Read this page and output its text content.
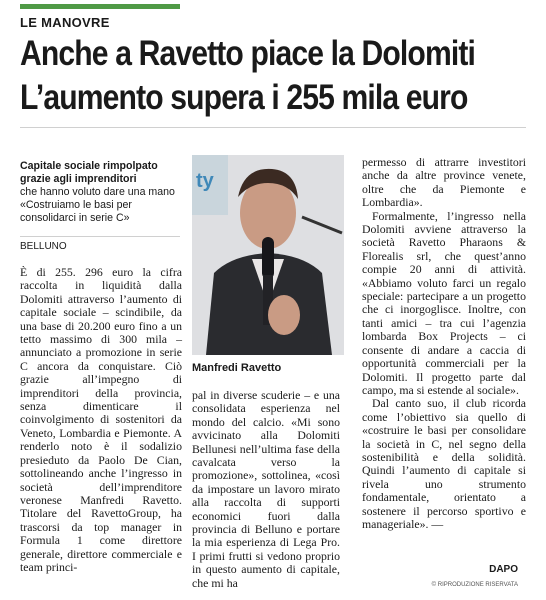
LE MANOVRE
Anche a Ravetto piace la Dolomiti
L’aumento supera i 255 mila euro
Capitale sociale rimpolpato grazie agli imprenditori
che hanno voluto dare una mano «Costruiamo le basi per consolidarci in serie C»
BELLUNO

È di 255. 296 euro la cifra raccolta in liquidità dalla Dolomiti attraverso l’aumento di capitale sociale – scindibile, da una base di 20.200 euro fino a un tetto massimo di 300 mila – annunciato a promozione in serie C ancora da conquistare. Ciò grazie all’impegno di imprenditori della provincia, senza dimenticare il coinvolgimento di sostenitori da Veneto, Lombardia e Piemonte. A renderlo noto è il sodalizio presieduto da Paolo De Cian, sottolineando anche l’ingresso in società dell’imprenditore veronese Manfredi Ravetto. Titolare del RavettoGroup, ha trascorsi da top manager in Formula 1 come direttore generale, direttore commerciale e team princi-

ty
Manfredi Ravetto

pal in diverse scuderie – e una consolidata esperienza nel mondo del calcio. «Mi sono avvicinato alla Dolomiti Bellunesi nell’ultima fase della cavalcata verso la promozione», sottolinea, «così da impostare un lavoro mirato alla raccolta di supporti economici fuori dalla provincia di Belluno e portare la mia esperienza di Lega Pro. I primi frutti si vedono proprio in questo aumento di capitale, che mi ha

permesso di attrarre investitori anche da altre province venete, oltre che da Piemonte e Lombardia».

Formalmente, l’ingresso nella Dolomiti avviene attraverso la società Ravetto Pharaons & Florealis srl, che quest’anno compie 20 anni di attività. «Abbiamo voluto farci un regalo speciale: partecipare a un progetto che ci inorgoglisce. Inoltre, con tanti amici – tra cui l’agenzia lombarda Box Projects – ci consente di andare a caccia di opportunità commerciali per la Dolomiti. Il progetto parte dal campo, ma si estende al sociale».

Dal canto suo, il club ricorda come l’obiettivo sia quello di «costruire le basi per consolidare la società in C, nel segno della sostenibilità e della solidità. Quindi l’aumento di capitale si rivela uno strumento fondamentale, orientato a sostenere il percorso sportivo e manageriale». —

DAPO
© RIPRODUZIONE RISERVATA
